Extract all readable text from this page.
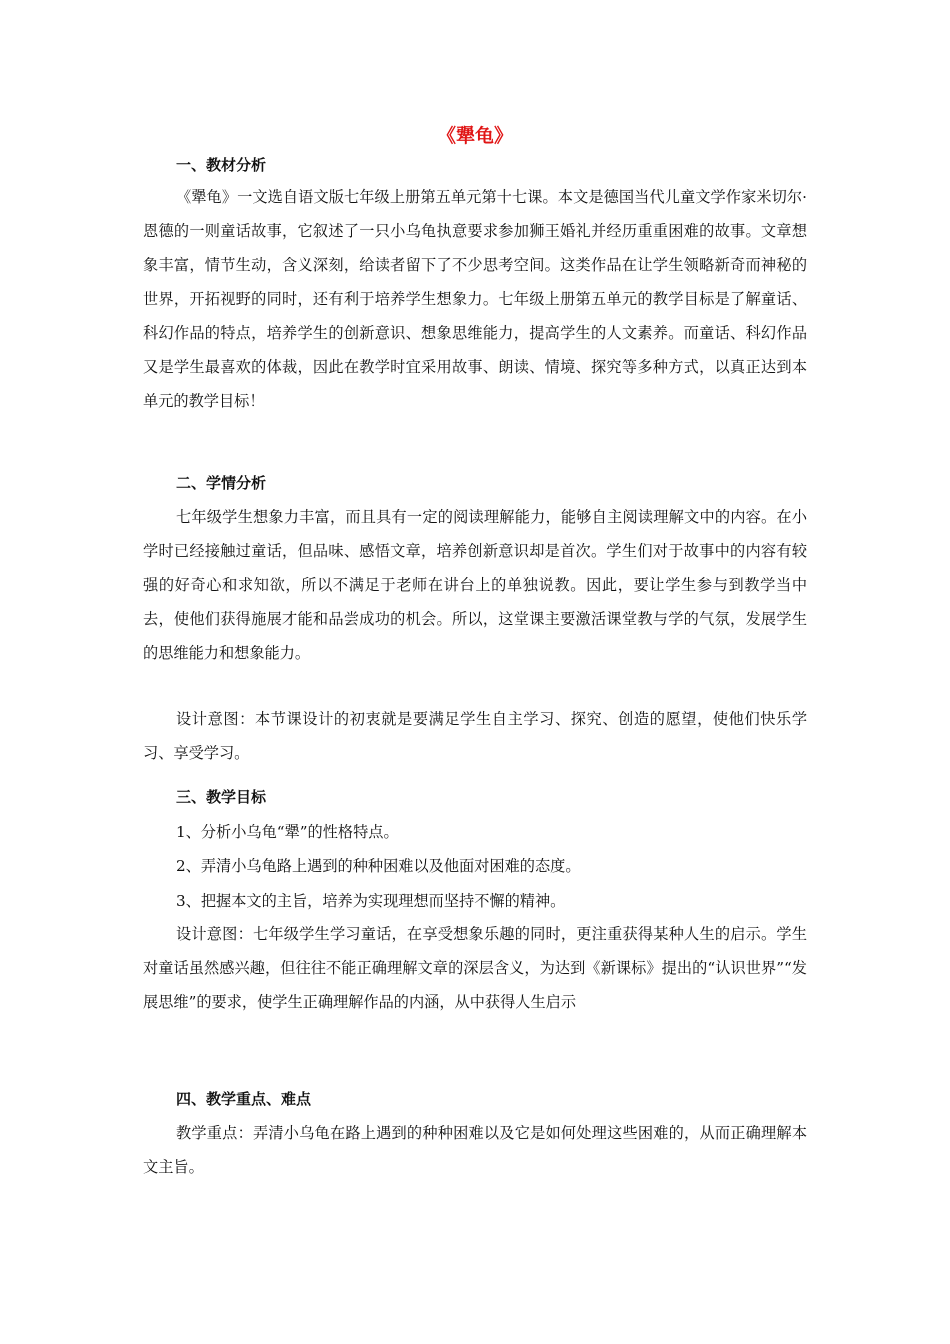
《犟龟》
一、教材分析

《犟龟》一文选自语文版七年级上册第五单元第十七课。本文是德国当代儿童文学作家米切尔·恩德的一则童话故事，它叙述了一只小乌龟执意要求参加狮王婚礼并经历重重困难的故事。文章想象丰富，情节生动，含义深刻，给读者留下了不少思考空间。这类作品在让学生领略新奇而神秘的世界，开拓视野的同时，还有利于培养学生想象力。七年级上册第五单元的教学目标是了解童话、科幻作品的特点，培养学生的创新意识、想象思维能力，提高学生的人文素养。而童话、科幻作品又是学生最喜欢的体裁，因此在教学时宜采用故事、朗读、情境、探究等多种方式，以真正达到本单元的教学目标！

二、学情分析

七年级学生想象力丰富，而且具有一定的阅读理解能力，能够自主阅读理解文中的内容。在小学时已经接触过童话，但品味、感悟文章，培养创新意识却是首次。学生们对于故事中的内容有较强的好奇心和求知欲，所以不满足于老师在讲台上的单独说教。因此，要让学生参与到教学当中去，使他们获得施展才能和品尝成功的机会。所以，这堂课主要激活课堂教与学的气氛，发展学生的思维能力和想象能力。

设计意图：本节课设计的初衷就是要满足学生自主学习、探究、创造的愿望，使他们快乐学习、享受学习。

三、教学目标
1、分析小乌龟“犟”的性格特点。
2、弄清小乌龟路上遇到的种种困难以及他面对困难的态度。
3、把握本文的主旨，培养为实现理想而坚持不懈的精神。

设计意图：七年级学生学习童话，在享受想象乐趣的同时，更注重获得某种人生的启示。学生对童话虽然感兴趣，但往往不能正确理解文章的深层含义，为达到《新课标》提出的“认识世界”“发展思维”的要求，使学生正确理解作品的内涵，从中获得人生启示

四、教学重点、难点

教学重点：弄清小乌龟在路上遇到的种种困难以及它是如何处理这些困难的，从而正确理解本文主旨。
